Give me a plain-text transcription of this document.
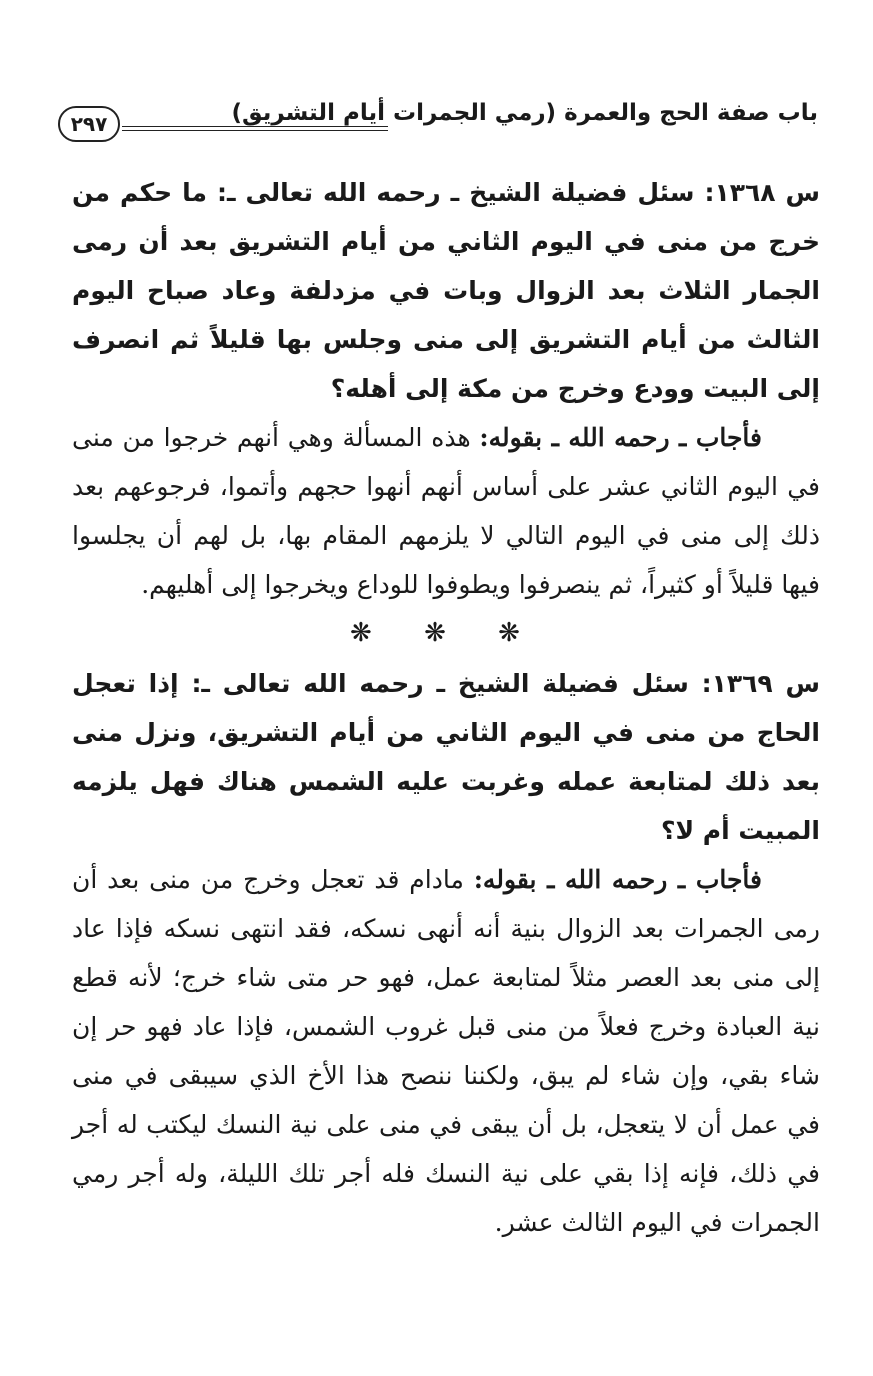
باب صفة الحج والعمرة (رمي الجمرات أيام التشريق)
٢٩٧

س ١٣٦٨: سئل فضيلة الشيخ ـ رحمه الله تعالى ـ: ما حكم من خرج من منى في اليوم الثاني من أيام التشريق بعد أن رمى الجمار الثلاث بعد الزوال وبات في مزدلفة وعاد صباح اليوم الثالث من أيام التشريق إلى منى وجلس بها قليلاً ثم انصرف إلى البيت وودع وخرج من مكة إلى أهله؟

فأجاب ـ رحمه الله ـ بقوله: هذه المسألة وهي أنهم خرجوا من منى في اليوم الثاني عشر على أساس أنهم أنهوا حجهم وأتموا، فرجوعهم بعد ذلك إلى منى في اليوم التالي لا يلزمهم المقام بها، بل لهم أن يجلسوا فيها قليلاً أو كثيراً، ثم ينصرفوا ويطوفوا للوداع ويخرجوا إلى أهليهم.

❋ ❋ ❋

س ١٣٦٩: سئل فضيلة الشيخ ـ رحمه الله تعالى ـ: إذا تعجل الحاج من منى في اليوم الثاني من أيام التشريق، ونزل منى بعد ذلك لمتابعة عمله وغربت عليه الشمس هناك فهل يلزمه المبيت أم لا؟

فأجاب ـ رحمه الله ـ بقوله: مادام قد تعجل وخرج من منى بعد أن رمى الجمرات بعد الزوال بنية أنه أنهى نسكه، فقد انتهى نسكه فإذا عاد إلى منى بعد العصر مثلاً لمتابعة عمل، فهو حر متى شاء خرج؛ لأنه قطع نية العبادة وخرج فعلاً من منى قبل غروب الشمس، فإذا عاد فهو حر إن شاء بقي، وإن شاء لم يبق، ولكننا ننصح هذا الأخ الذي سيبقى في منى في عمل أن لا يتعجل، بل أن يبقى في منى على نية النسك ليكتب له أجر في ذلك، فإنه إذا بقي على نية النسك فله أجر تلك الليلة، وله أجر رمي الجمرات في اليوم الثالث عشر.
